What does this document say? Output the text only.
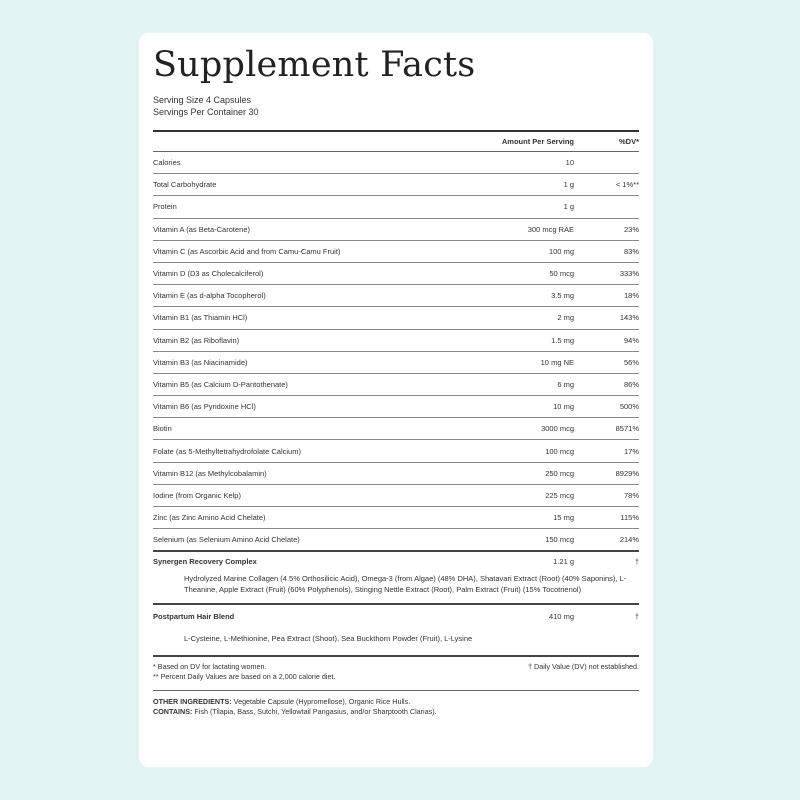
Supplement Facts
Serving Size 4 Capsules
Servings Per Container 30
Amount Per Serving	%DV*
Calories	10
Total Carbohydrate	1 g	< 1%**
Protein	1 g
Vitamin A (as Beta-Carotene)	300 mcg RAE	23%
Vitamin C (as Ascorbic Acid and from Camu-Camu Fruit)	100 mg	83%
Vitamin D (D3 as Cholecalciferol)	50 mcg	333%
Vitamin E (as d-alpha Tocopherol)	3.5 mg	18%
Vitamin B1 (as Thiamin HCl)	2 mg	143%
Vitamin B2 (as Riboflavin)	1.5 mg	94%
Vitamin B3 (as Niacinamide)	10 mg NE	56%
Vitamin B5 (as Calcium D-Pantothenate)	6 mg	86%
Vitamin B6 (as Pyridoxine HCl)	10 mg	500%
Biotin	3000 mcg	8571%
Folate (as 5-Methyltetrahydrofolate Calcium)	100 mcg	17%
Vitamin B12 (as Methylcobalamin)	250 mcg	8929%
Iodine (from Organic Kelp)	225 mcg	78%
Zinc (as Zinc Amino Acid Chelate)	15 mg	115%
Selenium (as Selenium Amino Acid Chelate)	150 mcg	214%
Synergen Recovery Complex	1.21 g	†
Hydrolyzed Marine Collagen (4.5% Orthosilicic Acid), Omega-3 (from Algae) (48% DHA), Shatavari Extract (Root) (40% Saponins), L-Theanine, Apple Extract (Fruit) (60% Polyphenols), Stinging Nettle Extract (Root), Palm Extract (Fruit) (15% Tocotrienol)
Postpartum Hair Blend	410 mg	†
L-Cysteine, L-Methionine, Pea Extract (Shoot), Sea Buckthorn Powder (Fruit), L-Lysine
* Based on DV for lactating women.	† Daily Value (DV) not established.
** Percent Daily Values are based on a 2,000 calorie diet.
OTHER INGREDIENTS: Vegetable Capsule (Hypromellose), Organic Rice Hulls.
CONTAINS: Fish (Tilapia, Bass, Sutchi, Yellowtail Pangasius, and/or Sharptooth Clarias).
